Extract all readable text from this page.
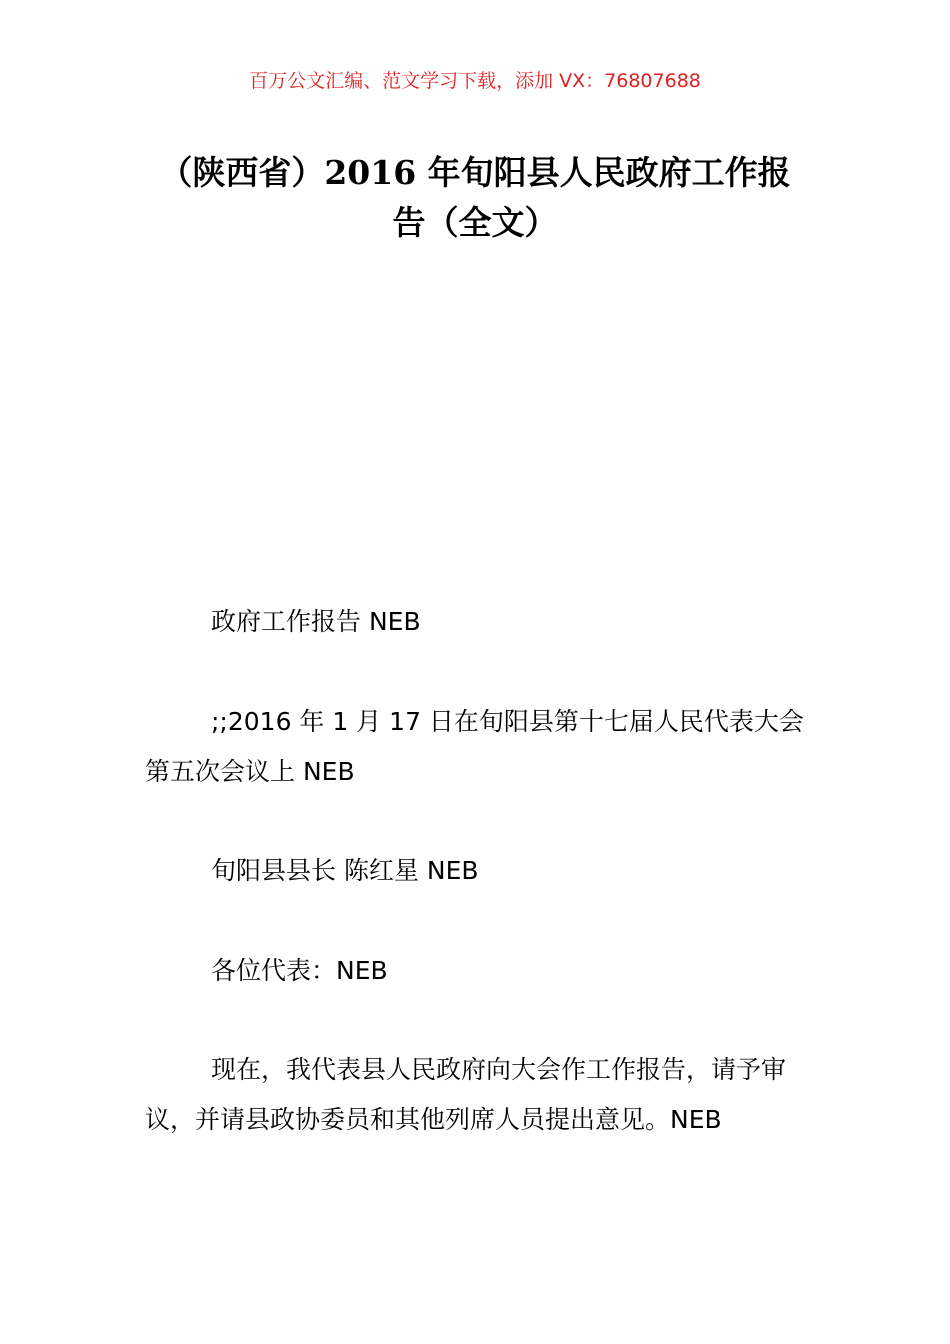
百万公文汇编、范文学习下载，添加 VX：76807688
（陕西省）2016 年旬阳县人民政府工作报告（全文）

政府工作报告 NEB

;;2016 年 1 月 17 日在旬阳县第十七届人民代表大会第五次会议上 NEB

旬阳县县长 陈红星 NEB

各位代表：NEB

现在，我代表县人民政府向大会作工作报告，请予审议，并请县政协委员和其他列席人员提出意见。NEB
